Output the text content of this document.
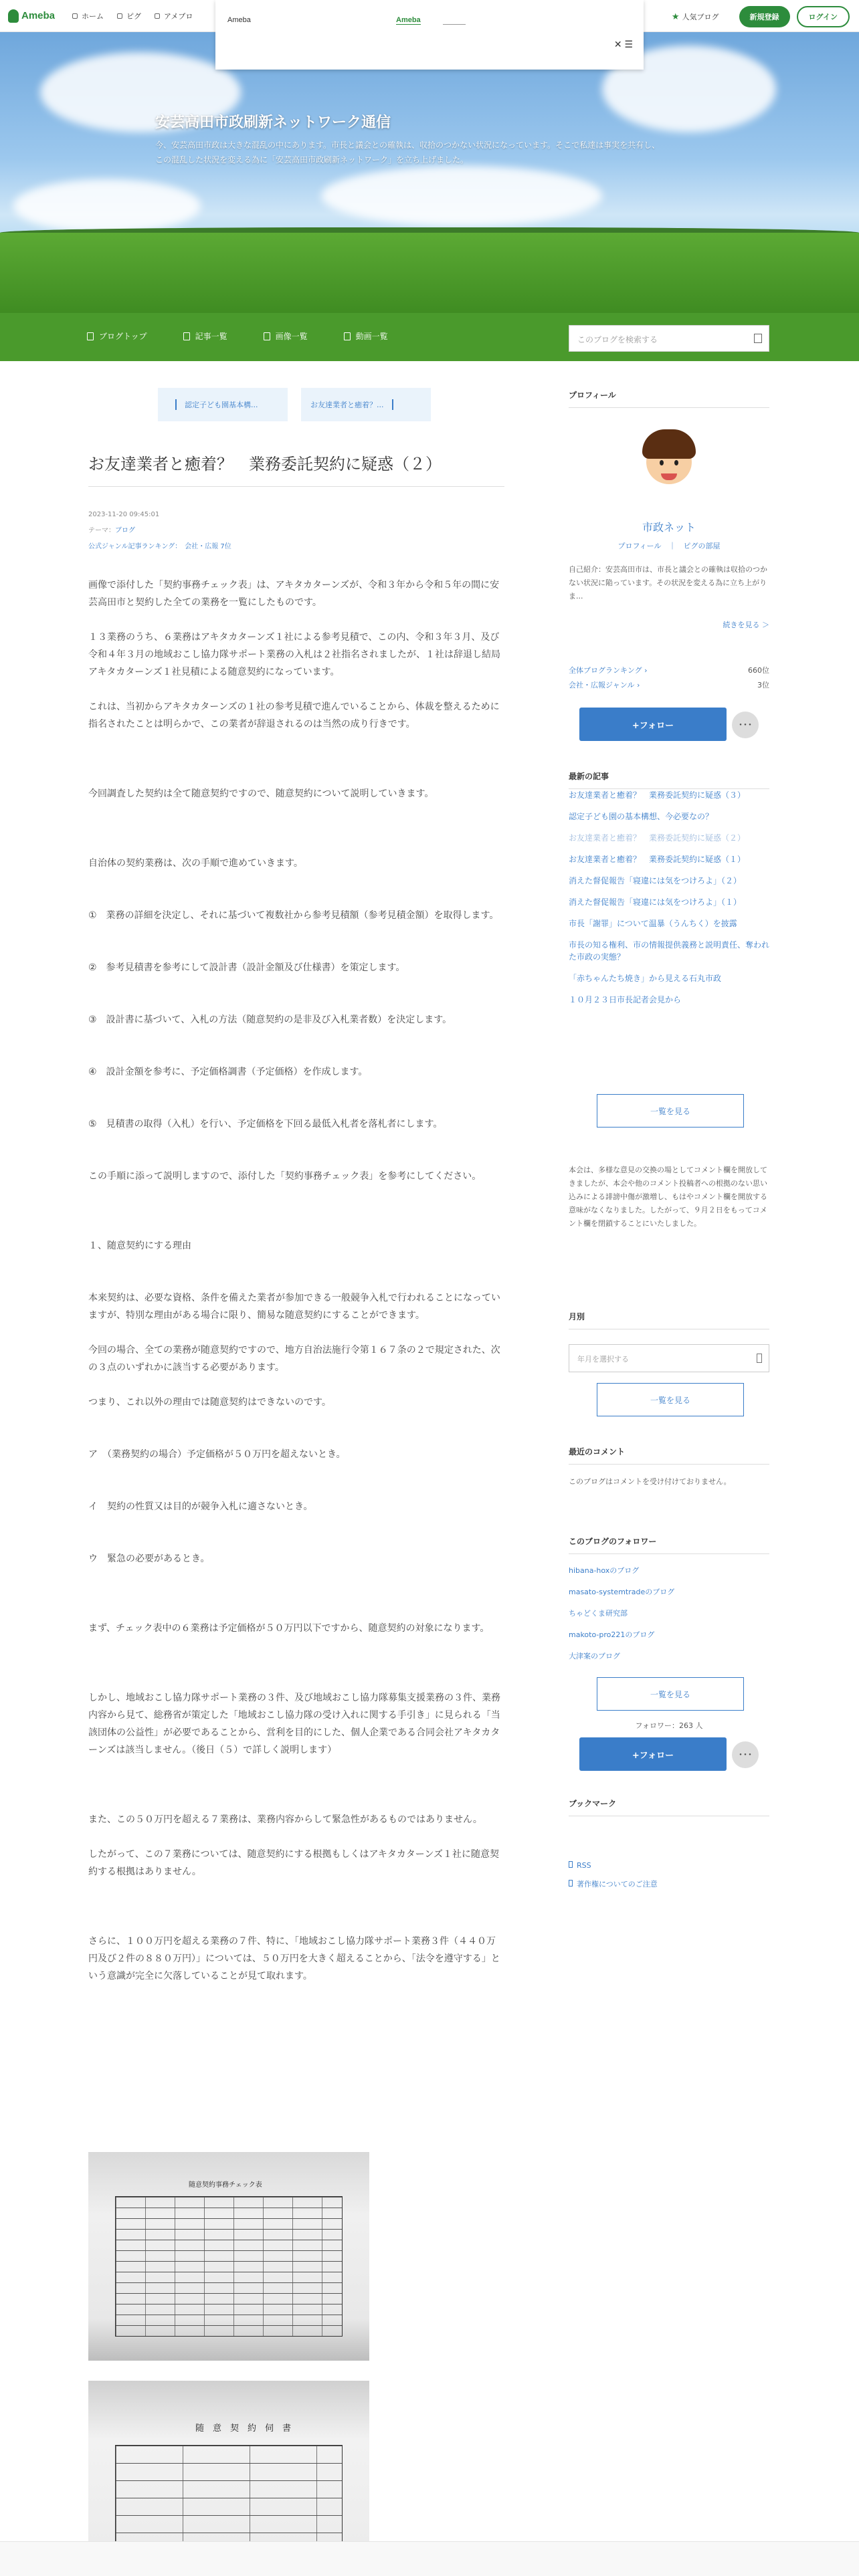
Ameba	ホーム	ピグ	アメブロ	★ 人気ブログ	新規登録	ログイン
Ameba	Ameba
✕ ☰
安芸高田市政刷新ネットワーク通信
今、安芸高田市政は大きな混乱の中にあります。市長と議会との確執は、収拾のつかない状況になっています。そこで私達は事実を共有し、この混乱した状況を変える為に「安芸高田市政刷新ネットワーク」を立ち上げました。
ブログトップ	記事一覧	画像一覧	動画一覧	このブログを検索する
認定子ども園基本構...	お友達業者と癒着？...
お友達業者と癒着？　業務委託契約に疑惑（２）
2023-11-20 09:45:01
テーマ：ブログ
公式ジャンル記事ランキング：　会社・広報 7位

画像で添付した「契約事務チェック表」は、アキタカターンズが、令和３年から令和５年の間に安芸高田市と契約した全ての業務を一覧にしたものです。

１３業務のうち、６業務はアキタカターンズ１社による参考見積で、この内、令和３年３月、及び令和４年３月の地域おこし協力隊サポート業務の入札は２社指名されましたが、１社は辞退し結局アキタカターンズ１社見積による随意契約になっています。

これは、当初からアキタカターンズの１社の参考見積で進んでいることから、体裁を整えるために指名されたことは明らかで、この業者が辞退されるのは当然の成り行きです。

今回調査した契約は全て随意契約ですので、随意契約について説明していきます。

自治体の契約業務は、次の手順で進めていきます。

①　業務の詳細を決定し、それに基づいて複数社から参考見積額（参考見積金額）を取得します。

②　参考見積書を参考にして設計書（設計金額及び仕様書）を策定します。

③　設計書に基づいて、入札の方法（随意契約の是非及び入札業者数）を決定します。

④　設計金額を参考に、予定価格調書（予定価格）を作成します。

⑤　見積書の取得（入札）を行い、予定価格を下回る最低入札者を落札者にします。

この手順に添って説明しますので、添付した「契約事務チェック表」を参考にしてください。

１、随意契約にする理由

本来契約は、必要な資格、条件を備えた業者が参加できる一般競争入札で行われることになっていますが、特別な理由がある場合に限り、簡易な随意契約にすることができます。

今回の場合、全ての業務が随意契約ですので、地方自治法施行令第１６７条の２で規定された、次の３点のいずれかに該当する必要があります。

つまり、これ以外の理由では随意契約はできないのです。

ア　（業務契約の場合）予定価格が５０万円を超えないとき。

イ　契約の性質又は目的が競争入札に適さないとき。

ウ　緊急の必要があるとき。

まず、チェック表中の６業務は予定価格が５０万円以下ですから、随意契約の対象になります。

しかし、地域おこし協力隊サポート業務の３件、及び地域おこし協力隊募集支援業務の３件、業務内容から見て、総務省が策定した「地域おこし協力隊の受け入れに関する手引き」に見られる「当該団体の公益性」が必要であることから、営利を目的にした、個人企業である合同会社アキタカターンズは該当しません。（後日（５）で詳しく説明します）

また、この５０万円を超える７業務は、業務内容からして緊急性があるものではありません。

したがって、この７業務については、随意契約にする根拠もしくはアキタカターンズ１社に随意契約する根拠はありません。

さらに、１００万円を超える業務の７件、特に、「地域おこし協力隊サポート業務３件（４４０万円及び２件の８８０万円）」については、５０万円を大きく超えることから、「法令を遵守する」という意識が完全に欠落していることが見て取れます。

随意契約事務チェック表
随　意　契　約　伺　書
プロフィール
市政ネット
プロフィール　｜　ピグの部屋
自己紹介：安芸高田市は、市長と議会との確執は収拾のつかない状況に陥っています。その状況を変える為に立ち上がりま...
続きを見る ＞
全体ブログランキング ›	660位
会社・広報ジャンル ›	3位
+フォロー	･･･
最新の記事
お友達業者と癒着？　業務委託契約に疑惑（３）
認定子ども園の基本構想、今必要なの？
お友達業者と癒着？　業務委託契約に疑惑（２）
お友達業者と癒着？　業務委託契約に疑惑（１）
消えた督促報告「寝違には気をつけろよ」（２）
消えた督促報告「寝違には気をつけろよ」（１）
市長「謝罪」について温暴（うんちく）を披露
市長の知る権利、市の情報提供義務と説明責任、奪われた市政の実態？
「赤ちゃんたち焼き」から見える石丸市政
１０月２３日市長記者会見から
一覧を見る
本会は、多様な意見の交換の場としてコメント欄を開放してきましたが、本会や他のコメント投稿者への根拠のない思い込みによる誹謗中傷が激増し、もはやコメント欄を開放する意味がなくなりました。したがって、９月２日をもってコメント欄を閉鎖することにいたしました。
月別
年月を選択する
一覧を見る
最近のコメント
このブログはコメントを受け付けておりません。
このブログのフォロワー
hibana-hoxのブログ
masato-systemtradeのブログ
ちゃどくま研究部
makoto-pro221のブログ
大津案のブログ
一覧を見る
フォロワー：263 人
+フォロー	･･･
ブックマーク
RSS
著作権についてのご注意
